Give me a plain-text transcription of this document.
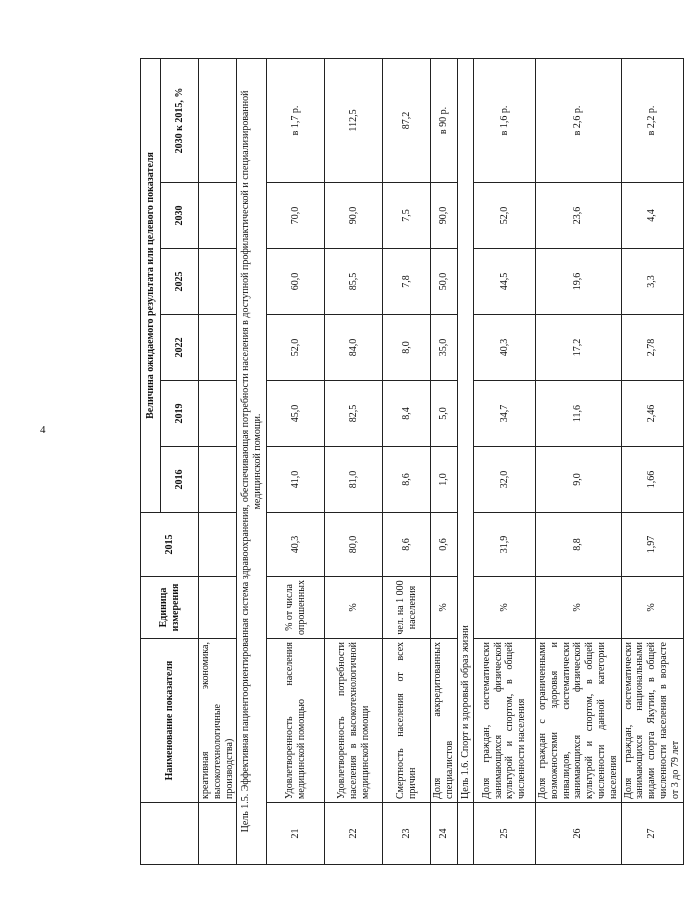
4
	Наименование показателя	Единица измерения	2015	Величина ожидаемого результата или целевого показателя					
				2016	2019	2022	2025	2030	2030 к 2015, %
	креативная экономика, высокотехнологичные производства)								
Цель 1.5. Эффективная пациентоориентированная система здравоохранения, обеспечивающая потребности населения в доступной профилактической и специализированной медицинской помощи.									
21	Удовлетворенность населения медицинской помощью	% от числа опрошенных	40,3	41,0	45,0	52,0	60,0	70,0	в 1,7 р.
22	Удовлетворенность потребности населения в высокотехнологичной медицинской помощи	%	80,0	81,0	82,5	84,0	85,5	90,0	112,5
23	Смертность населения от всех причин	чел. на 1 000 населения	8,6	8,6	8,4	8,0	7,8	7,5	87,2
24	Доля аккредитованных специалистов	%	0,6	1,0	5,0	35,0	50,0	90,0	в 90 р.
	Цель 1.6. Спорт и здоровый образ жизни								
25	Доля граждан, систематически занимающихся физической культурой и спортом, в общей численности населения	%	31,9	32,0	34,7	40,3	44,5	52,0	в 1,6 р.
26	Доля граждан с ограниченными возможностями здоровья и инвалидов, систематически занимающихся физической культурой и спортом, в общей численности данной категории населения	%	8,8	9,0	11,6	17,2	19,6	23,6	в 2,6 р.
27	Доля граждан, систематически занимающихся национальными видами спорта Якутии, в общей численности населения в возрасте от 3 до 79 лет	%	1,97	1,66	2,46	2,78	3,3	4,4	в 2,2 р.
